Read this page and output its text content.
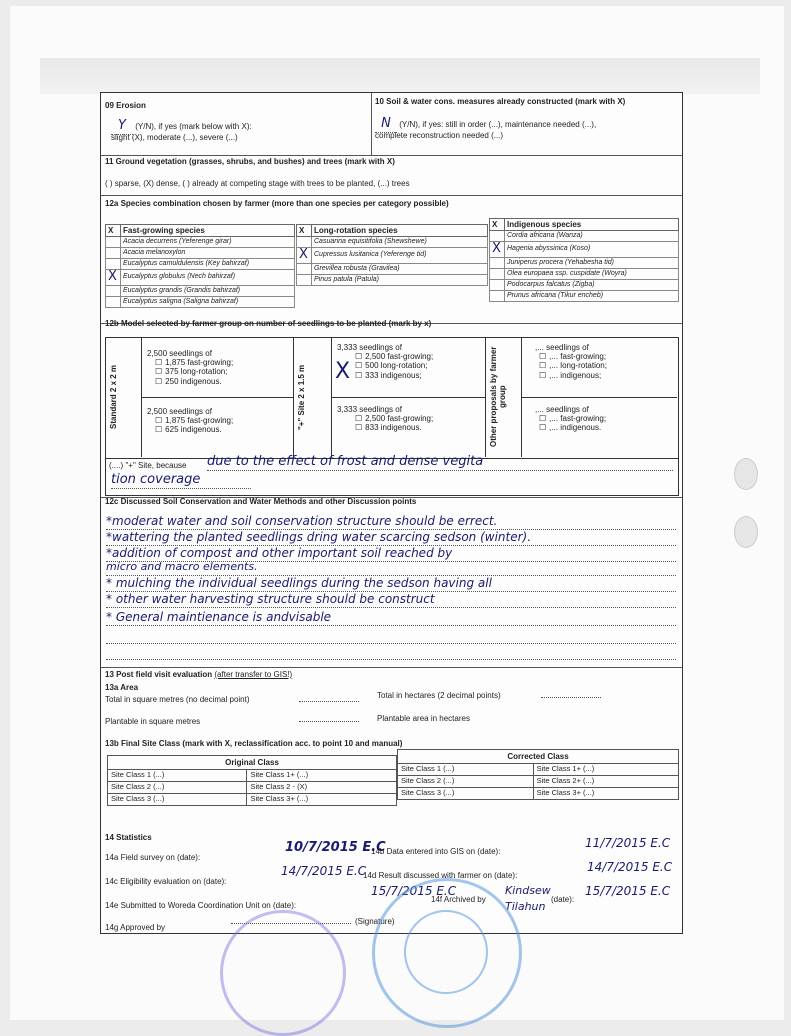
09 Erosion
Y (Y/N), if yes (mark below with X):
slight (X), moderate (...), severe (...)
10 Soil & water cons. measures already constructed (mark with X)
N (Y/N), if yes: still in order (...), maintenance needed (...),
complete reconstruction needed (...)
11 Ground vegetation (grasses, shrubs, and bushes) and trees (mark with X)
( ) sparse, (X) dense, ( ) already at competing stage with trees to be planted, (...) trees
12a Species combination chosen by farmer (more than one species per category possible)
X	Fast-growing species
	Acacia decurrens (Yeferenge girar)
	Acacia melanoxylon
	Eucalyptus camuldulensis (Key bahirzaf)
X	Eucalyptus globulus (Nech bahirzaf)
	Eucalyptus grandis (Grandis bahirzaf)
	Eucalyptus saligna (Saligna bahirzaf)
X	Long-rotation species
	Casuarina equisitifolia (Shewshewe)
X	Cupressus lusitanica (Yeferenge tid)
	Grevillea robusta (Gravilea)
	Pinus patula (Patula)
X	Indigenous species
	Cordia africana (Wanza)
X	Hagenia abyssinica (Koso)
	Juniperus procera (Yehabesha tid)
	Olea europaea ssp. cuspidate (Woyra)
	Podocarpus falcatus (Zigba)
	Prunus africana (Tikur encheb)
12b Model selected by farmer group on number of seedlings to be planted (mark by x)
Standard 2 x 2 m	"+" Site 2 x 1.5 m	Other proposals by farmer group
2,500 seedlings of
☐ 1,875 fast-growing;
☐ 375 long-rotation;
☐ 250 indigenous.
2,500 seedlings of
☐ 1,875 fast-growing;
☐ 625 indigenous.
X
3,333 seedlings of
☐ 2,500 fast-growing;
☐ 500 long-rotation;
☐ 333 indigenous;
3,333 seedlings of
☐ 2,500 fast-growing;
☐ 833 indigenous.
,... seedlings of
☐ ,... fast-growing;
☐ ,... long-rotation;
☐ ,... indigenous;
,... seedlings of
☐ ,... fast-growing;
☐ ,... indigenous.
(....) "+" Site, because due to the effect of frost and dense vegita
tion coverage
12c Discussed Soil Conservation and Water Methods and other Discussion points
*moderat water and soil conservation structure should be errect.
*wattering the planted seedlings dring water scarcing sedson (winter).
*addition of compost and other important soil reached by
micro and macro elements.
* mulching the individual seedlings during the sedson having all
* other water harvesting structure should be construct
* General maintienance is andvisable
13 Post field visit evaluation (after transfer to GIS!)
13a Area
Total in square metres (no decimal point)	Total in hectares (2 decimal points)
Plantable in square metres	Plantable area in hectares
13b Final Site Class (mark with X, reclassification acc. to point 10 and manual)
Original Class	
Site Class 1 (...)	Site Class 1+ (...)
Site Class 2 (...)	Site Class 2 - (X)
Site Class 3 (...)	Site Class 3+ (...)
Corrected Class	
Site Class 1 (...)	Site Class 1+ (...)
Site Class 2 (...)	Site Class 2+ (...)
Site Class 3 (...)	Site Class 3+ (...)
14 Statistics
14a Field survey on (date):
10/7/2015 E.C
14b Data entered into GIS on (date):
11/7/2015 E.C
14c Eligibility evaluation on (date):
14/7/2015 E.C
14d Result discussed with farmer on (date):
14/7/2015 E.C
14e Submitted to Woreda Coordination Unit on (date):
15/7/2015 E.C
14f Archived by
Kindsew
Tilahun
(date):
15/7/2015 E.C
14g Approved by
(Signature)
